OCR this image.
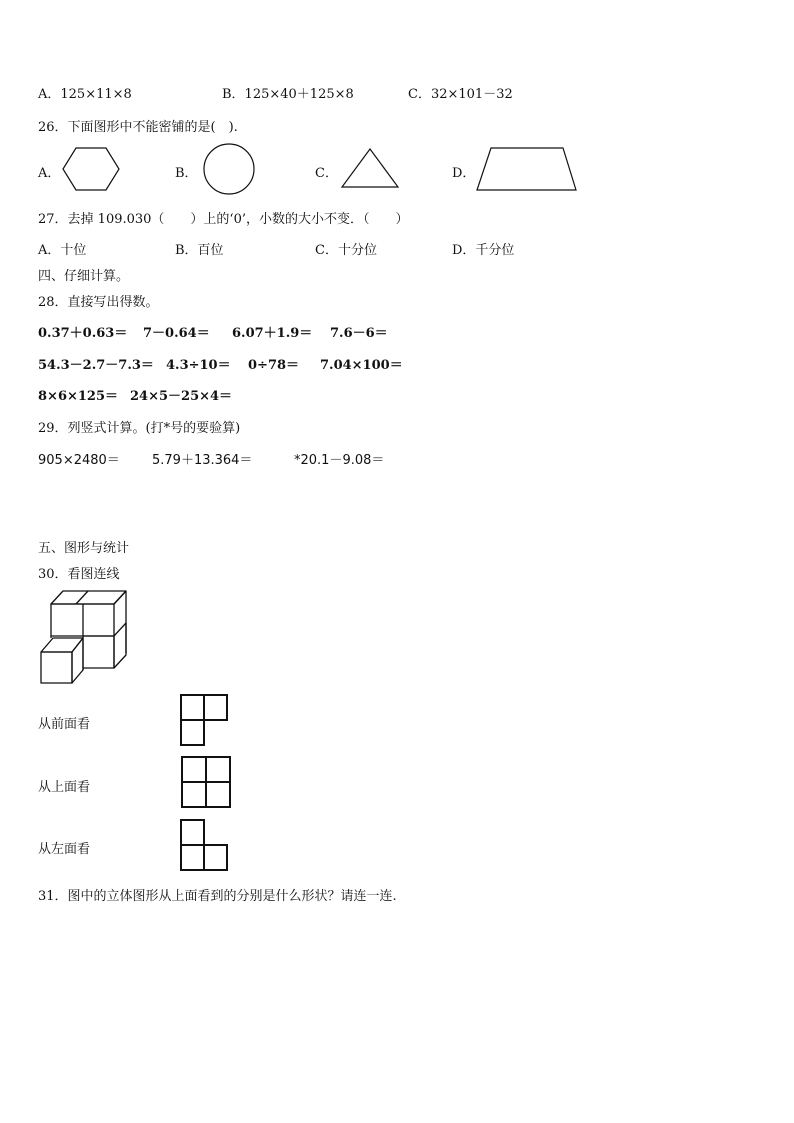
A．125×11×8	B．125×40＋125×8	C．32×101－32
26．下面图形中不能密铺的是(　).
A．	B．	C．	D．
27．去掉 109.030（　　）上的‘0’，小数的大小不变．（　　）
A．十位	B．百位	C．十分位	D．千分位
四、仔细计算。
28．直接写出得数。
0.37＋0.63＝ 7－0.64＝ 6.07＋1.9＝ 7.6－6＝
54.3－2.7－7.3＝ 4.3÷10＝ 0÷78＝ 7.04×100＝
8×6×125＝ 24×5－25×4＝
29．列竖式计算。(打*号的要验算)
905×2480＝ 5.79＋13.364＝	*20.1－9.08＝
五、图形与统计
30．看图连线
从前面看
从上面看
从左面看
31．图中的立体图形从上面看到的分别是什么形状？请连一连.
